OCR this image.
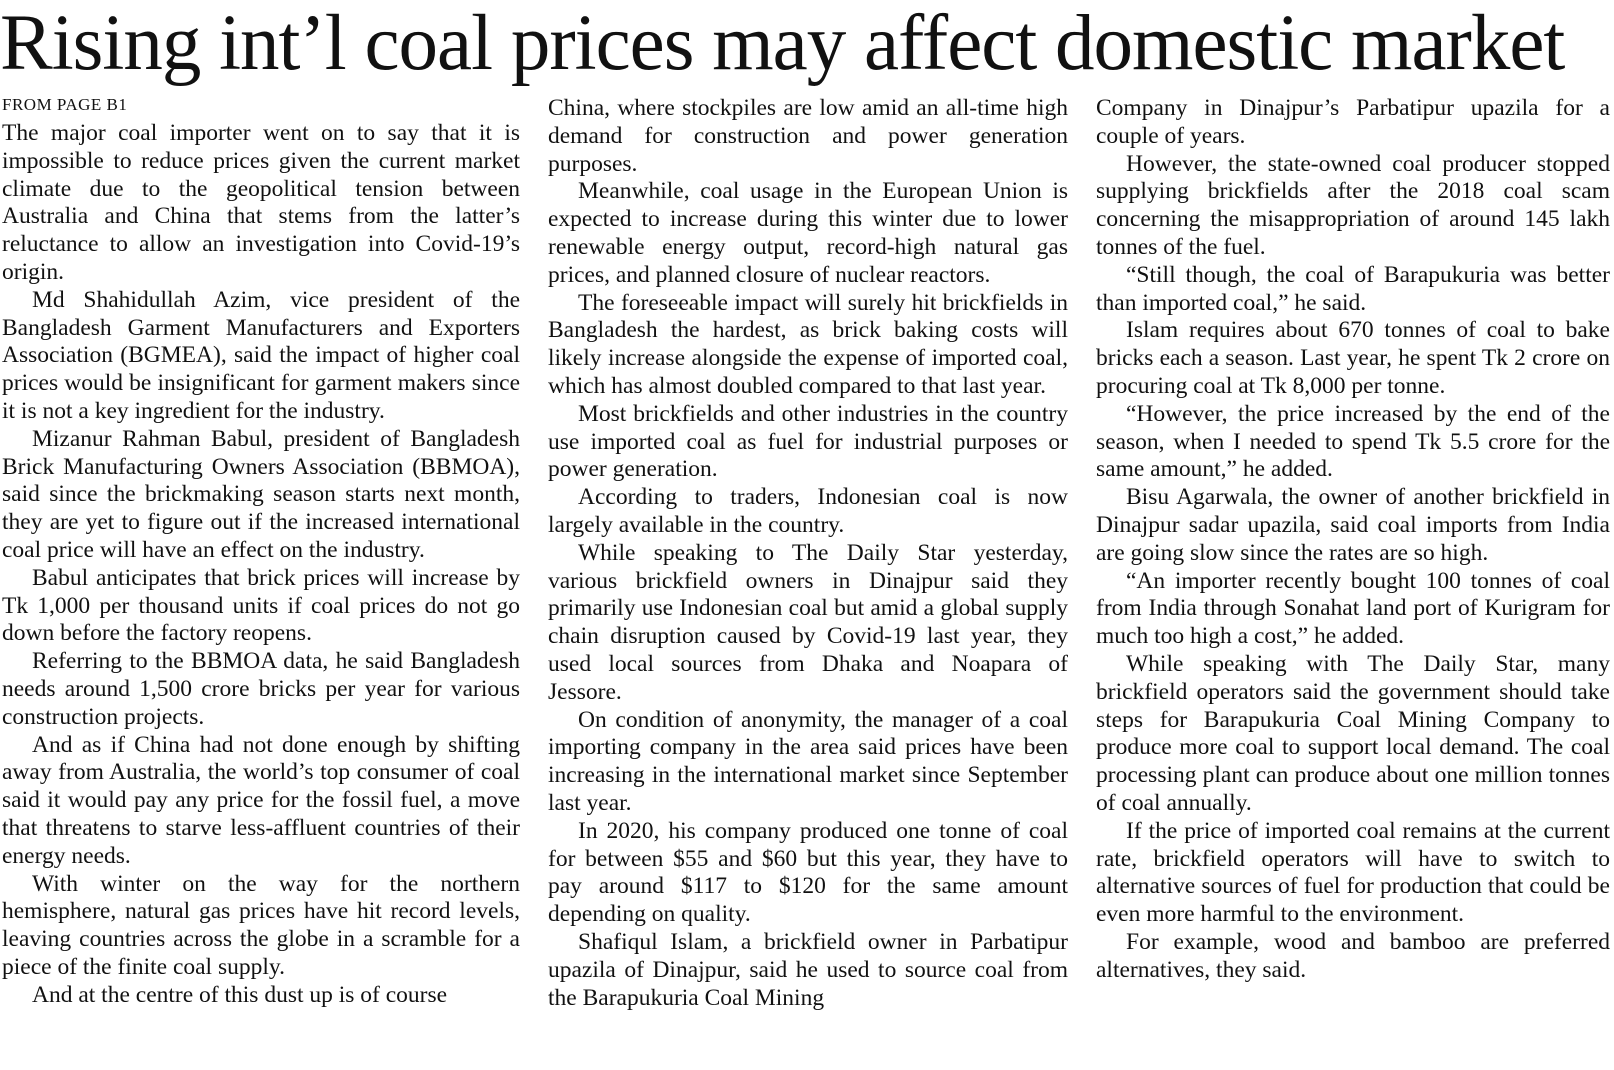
Rising int’l coal prices may affect domestic market
FROM PAGE B1

The major coal importer went on to say that it is impossible to reduce prices given the current market climate due to the geopolitical tension between Australia and China that stems from the latter’s reluctance to allow an investigation into Covid-19’s origin.

Md Shahidullah Azim, vice president of the Bangladesh Garment Manufacturers and Exporters Association (BGMEA), said the impact of higher coal prices would be insignificant for garment makers since it is not a key ingredient for the industry.

Mizanur Rahman Babul, president of Bangladesh Brick Manufacturing Owners Association (BBMOA), said since the brickmaking season starts next month, they are yet to figure out if the increased international coal price will have an effect on the industry.

Babul anticipates that brick prices will increase by Tk 1,000 per thousand units if coal prices do not go down before the factory reopens.

Referring to the BBMOA data, he said Bangladesh needs around 1,500 crore bricks per year for various construction projects.

And as if China had not done enough by shifting away from Australia, the world’s top consumer of coal said it would pay any price for the fossil fuel, a move that threatens to starve less-affluent countries of their energy needs.

With winter on the way for the northern hemisphere, natural gas prices have hit record levels, leaving countries across the globe in a scramble for a piece of the finite coal supply.

And at the centre of this dust up is of course

China, where stockpiles are low amid an all-time high demand for construction and power generation purposes.

Meanwhile, coal usage in the European Union is expected to increase during this winter due to lower renewable energy output, record-high natural gas prices, and planned closure of nuclear reactors.

The foreseeable impact will surely hit brickfields in Bangladesh the hardest, as brick baking costs will likely increase alongside the expense of imported coal, which has almost doubled compared to that last year.

Most brickfields and other industries in the country use imported coal as fuel for industrial purposes or power generation.

According to traders, Indonesian coal is now largely available in the country.

While speaking to The Daily Star yesterday, various brickfield owners in Dinajpur said they primarily use Indonesian coal but amid a global supply chain disruption caused by Covid-19 last year, they used local sources from Dhaka and Noapara of Jessore.

On condition of anonymity, the manager of a coal importing company in the area said prices have been increasing in the international market since September last year.

In 2020, his company produced one tonne of coal for between $55 and $60 but this year, they have to pay around $117 to $120 for the same amount depending on quality.

Shafiqul Islam, a brickfield owner in Parbatipur upazila of Dinajpur, said he used to source coal from the Barapukuria Coal Mining

Company in Dinajpur’s Parbatipur upazila for a couple of years.

However, the state-owned coal producer stopped supplying brickfields after the 2018 coal scam concerning the misappropriation of around 145 lakh tonnes of the fuel.

“Still though, the coal of Barapukuria was better than imported coal,” he said.

Islam requires about 670 tonnes of coal to bake bricks each a season. Last year, he spent Tk 2 crore on procuring coal at Tk 8,000 per tonne.

“However, the price increased by the end of the season, when I needed to spend Tk 5.5 crore for the same amount,” he added.

Bisu Agarwala, the owner of another brickfield in Dinajpur sadar upazila, said coal imports from India are going slow since the rates are so high.

“An importer recently bought 100 tonnes of coal from India through Sonahat land port of Kurigram for much too high a cost,” he added.

While speaking with The Daily Star, many brickfield operators said the government should take steps for Barapukuria Coal Mining Company to produce more coal to support local demand. The coal processing plant can produce about one million tonnes of coal annually.

If the price of imported coal remains at the current rate, brickfield operators will have to switch to alternative sources of fuel for production that could be even more harmful to the environment.

For example, wood and bamboo are preferred alternatives, they said.
